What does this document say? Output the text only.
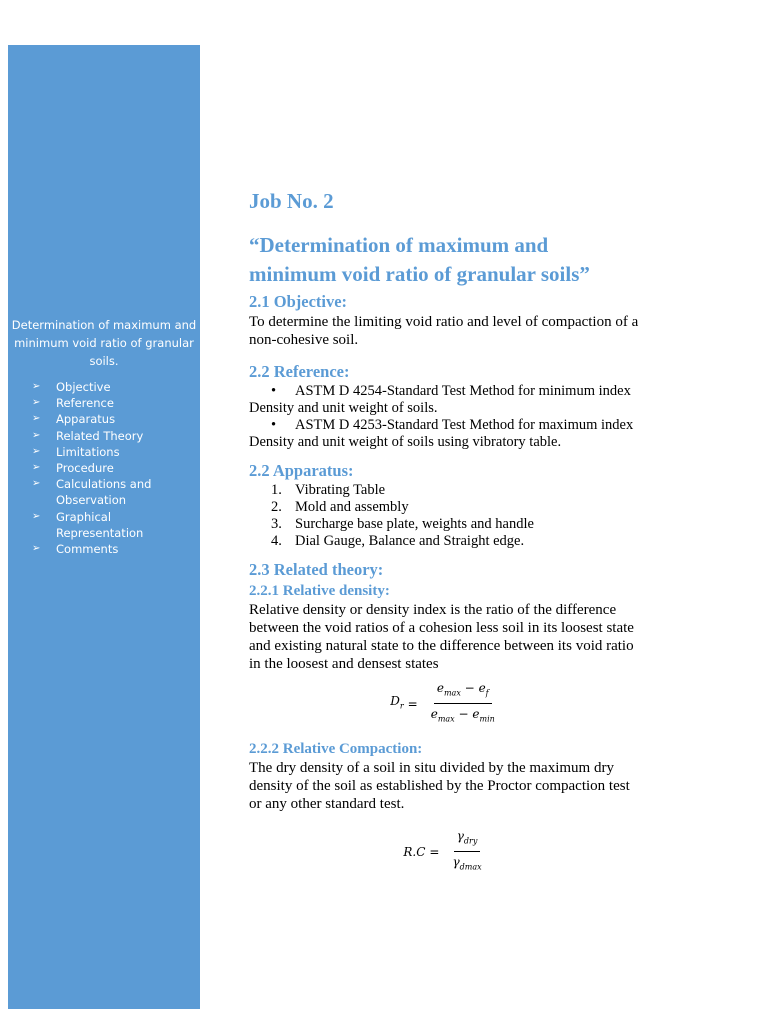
Determination of maximum and minimum void ratio of granular soils.
➢	Objective
➢	Reference
➢	Apparatus
➢	Related Theory
➢	Limitations
➢	Procedure
➢	Calculations and Observation
➢	Graphical Representation
➢	Comments
Job No. 2
“Determination of maximum and minimum void ratio of granular soils”
2.1 Objective:

To determine the limiting void ratio and level of compaction of a non-cohesive soil.

2.2 Reference:
• ASTM D 4254-Standard Test Method for minimum index Density and unit weight of soils.
• ASTM D 4253-Standard Test Method for maximum index Density and unit weight of soils using vibratory table.
2.2 Apparatus:
1. Vibrating Table
2. Mold and assembly
3. Surcharge base plate, weights and handle
4. Dial Gauge, Balance and Straight edge.
2.3 Related theory:
2.2.1 Relative density:

Relative density or density index is the ratio of the difference between the void ratios of a cohesion less soil in its loosest state and existing natural state to the difference between its void ratio in the loosest and densest states

$D_r = \frac{e_{max} - e_f}{e_{max} - e_{min}}$
2.2.2 Relative Compaction:

The dry density of a soil in situ divided by the maximum dry density of the soil as established by the Proctor compaction test or any other standard test.

$R.C = \frac{\gamma_{dry}}{\gamma_{dmax}}$
